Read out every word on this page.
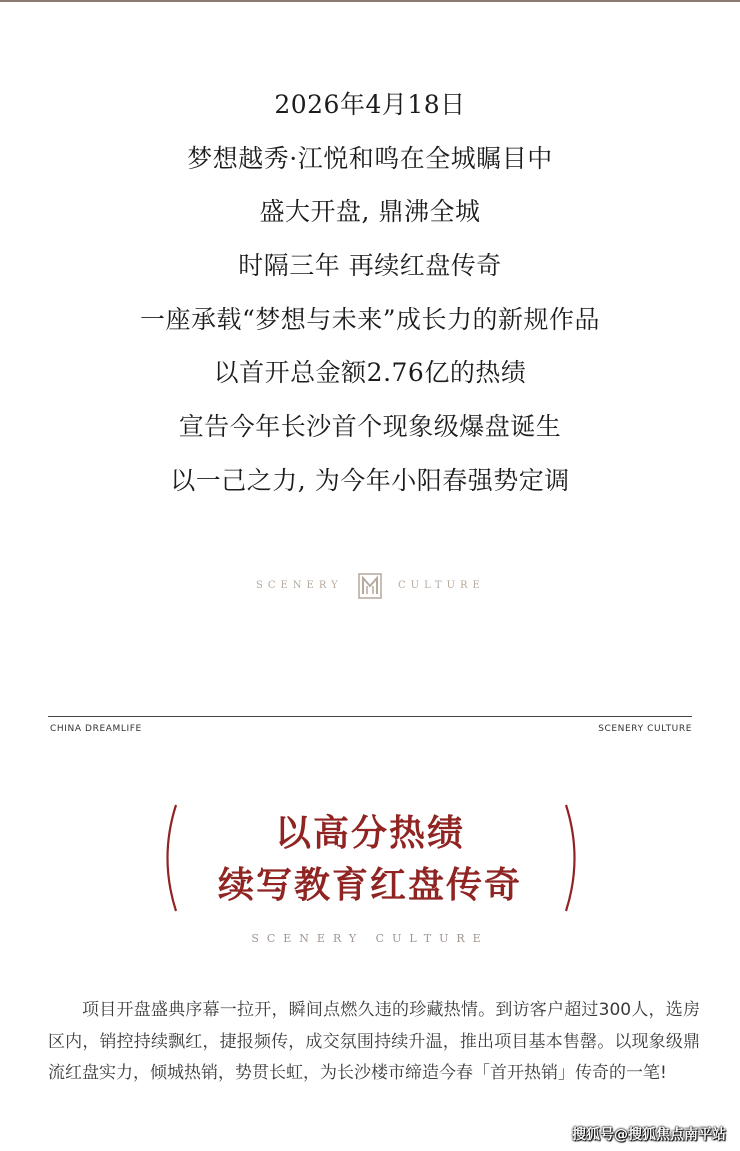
2026年4月18日
梦想越秀·江悦和鸣在全城瞩目中
盛大开盘, 鼎沸全城
时隔三年 再续红盘传奇
一座承载“梦想与未来”成长力的新规作品
以首开总金额2.76亿的热绩
宣告今年长沙首个现象级爆盘诞生
以一己之力, 为今年小阳春强势定调
SCENERY	CULTURE
CHINA DREAMLIFE	SCENERY CULTURE
以高分热绩
续写教育红盘传奇
SCENERY CULTURE
项目开盘盛典序幕一拉开，瞬间点燃久违的珍藏热情。到访客户超过300人，选房区内，销控持续飘红，捷报频传，成交氛围持续升温，推出项目基本售罄。以现象级鼎流红盘实力，倾城热销，势贯长虹，为长沙楼市缔造今春「首开热销」传奇的一笔!
搜狐号@搜狐焦点南平站
